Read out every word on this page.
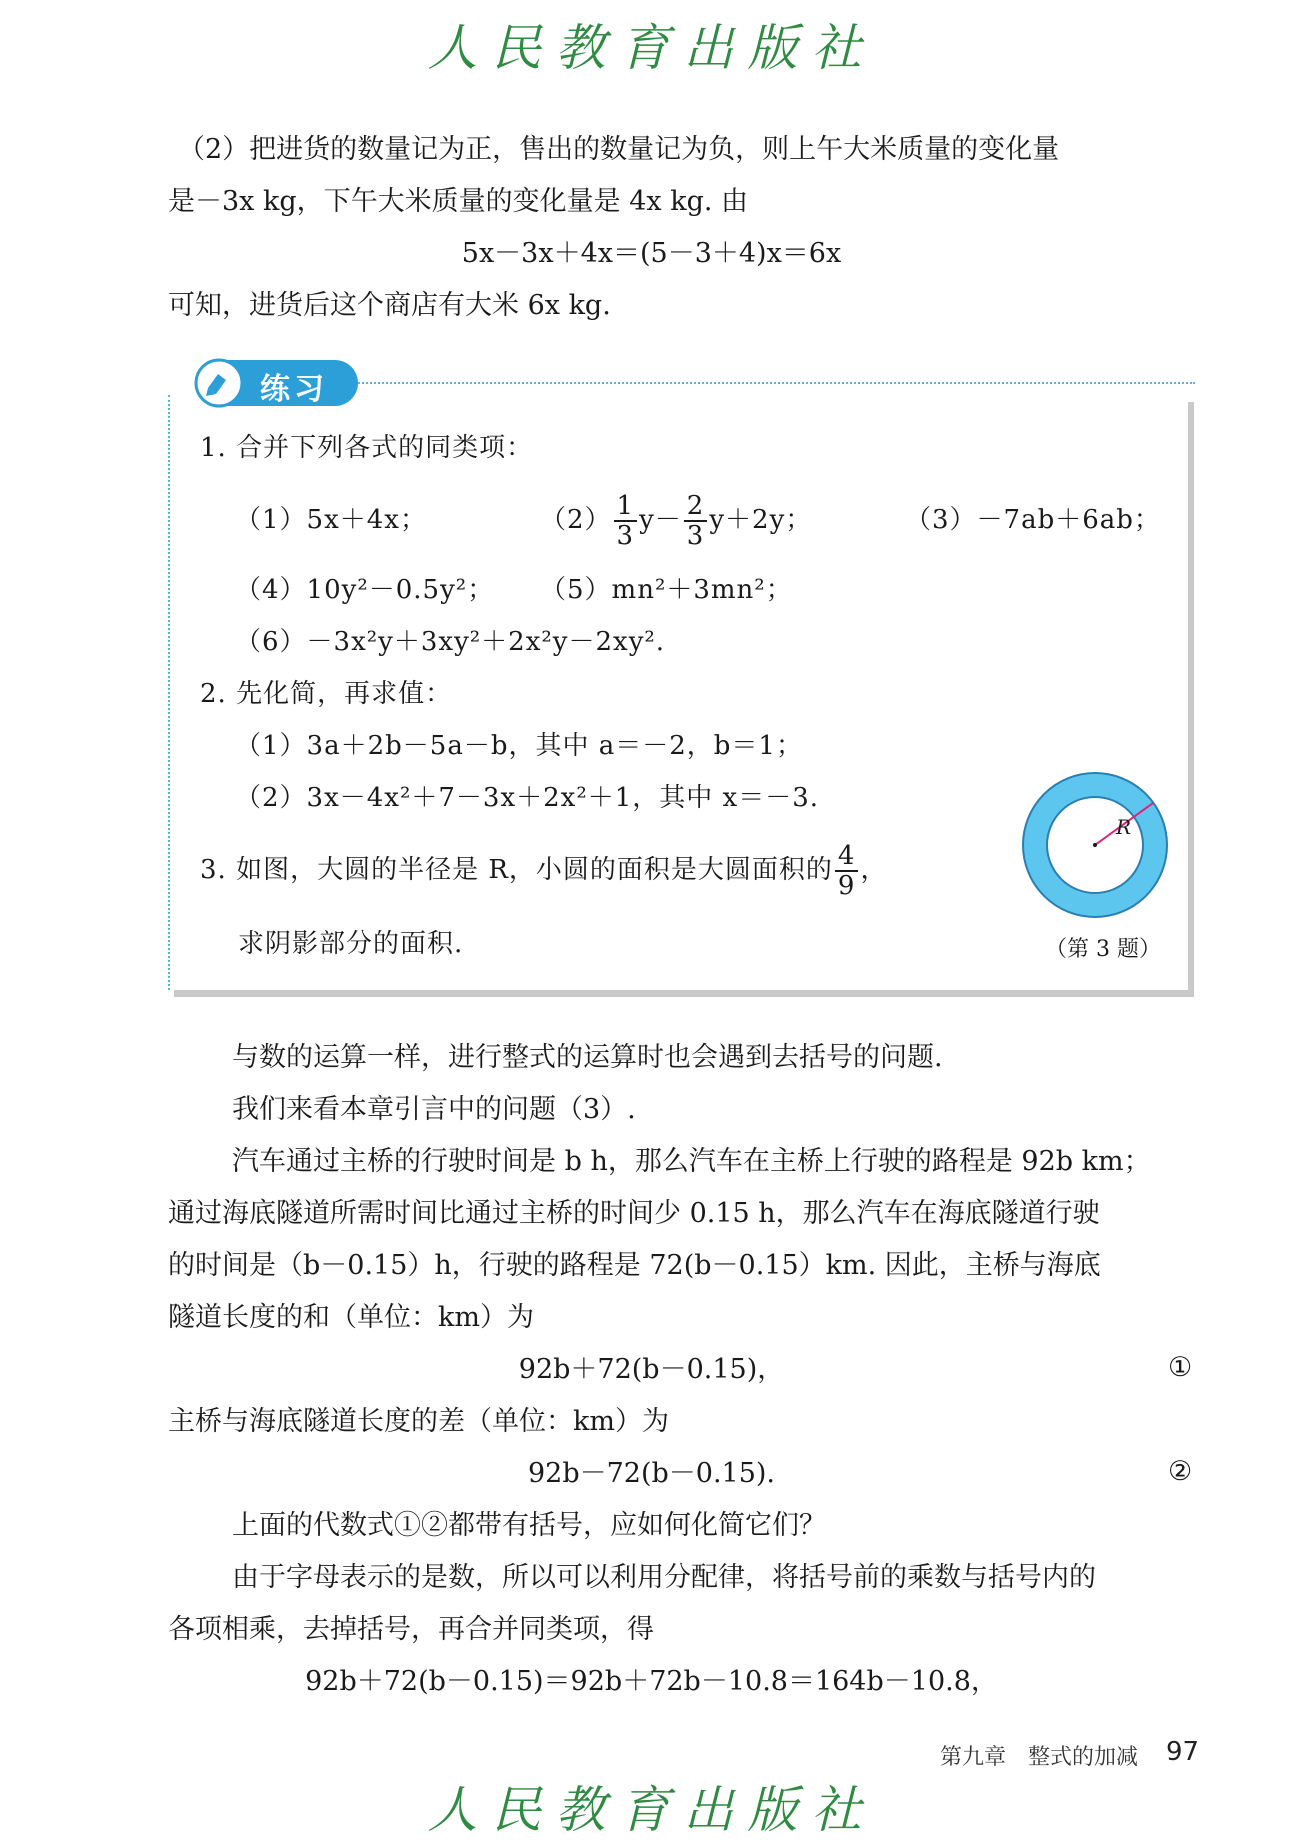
人民教育出版社
（2）把进货的数量记为正，售出的数量记为负，则上午大米质量的变化量
是－3x kg，下午大米质量的变化量是 4x kg. 由
5x－3x＋4x＝(5－3＋4)x＝6x
可知，进货后这个商店有大米 6x kg.
练习
1. 合并下列各式的同类项：
（1）5x＋4x；	$(2) \frac{1}{3} y- \frac{2}{3} y+2y$；	（3）－7ab＋6ab；
（4）10y²－0.5y²； （5）mn²＋3mn²；
（6）－3x²y＋3xy²＋2x²y－2xy².
2. 先化简，再求值：
（1）3a＋2b－5a－b，其中 a＝－2，b＝1；
（2）3x－4x²＋7－3x＋2x²＋1，其中 x＝－3.
3. 如图，大圆的半径是 R，小圆的面积是大圆面积的 $\frac{4}{9}$ ，
求阴影部分的面积.
R
（第 3 题）
与数的运算一样，进行整式的运算时也会遇到去括号的问题.
我们来看本章引言中的问题（3）.
汽车通过主桥的行驶时间是 b h，那么汽车在主桥上行驶的路程是 92b km；
通过海底隧道所需时间比通过主桥的时间少 0.15 h，那么汽车在海底隧道行驶
的时间是（b－0.15）h，行驶的路程是 72(b－0.15）km. 因此，主桥与海底
隧道长度的和（单位：km）为
92b＋72(b－0.15)，	①
主桥与海底隧道长度的差（单位：km）为
92b－72(b－0.15).	②
上面的代数式①②都带有括号，应如何化简它们？
由于字母表示的是数，所以可以利用分配律，将括号前的乘数与括号内的
各项相乘，去掉括号，再合并同类项，得
92b＋72(b－0.15)＝92b＋72b－10.8＝164b－10.8，
第九章　整式的加减 97
人民教育出版社
